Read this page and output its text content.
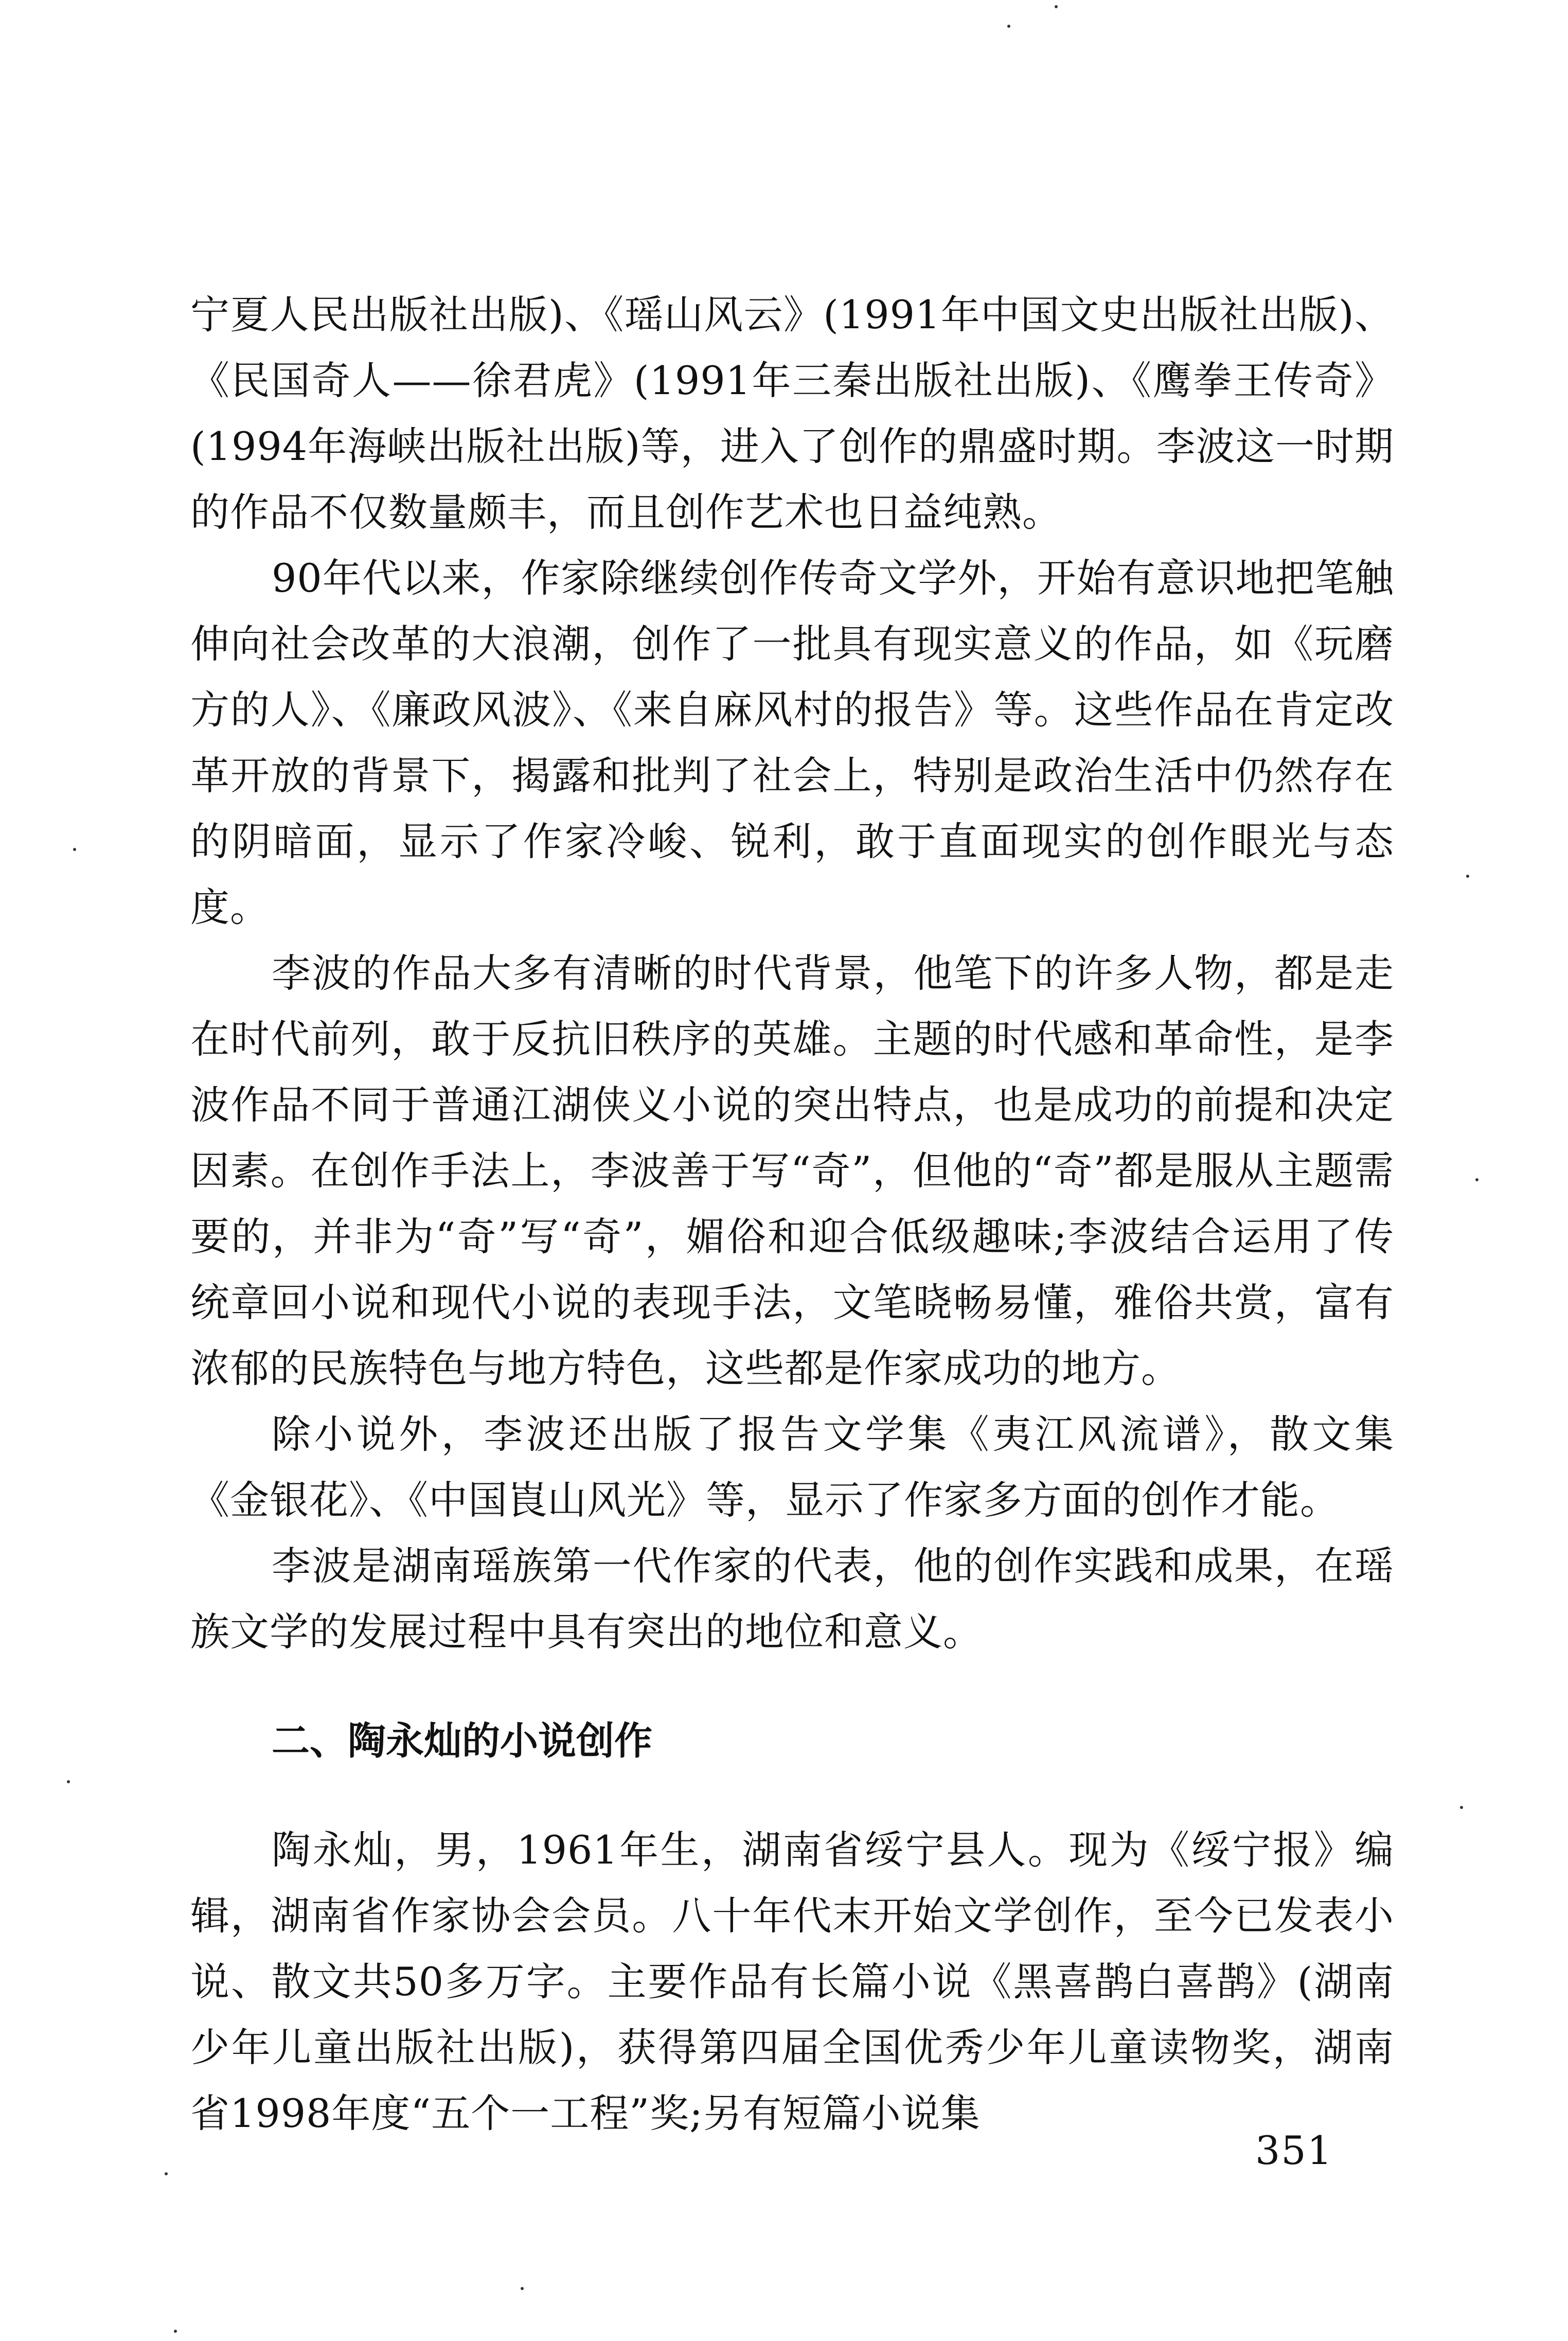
宁夏人民出版社出版)、《瑶山风云》(1991年中国文史出版社出版)、《民国奇人——徐君虎》(1991年三秦出版社出版)、《鹰拳王传奇》(1994年海峡出版社出版)等，进入了创作的鼎盛时期。李波这一时期的作品不仅数量颇丰，而且创作艺术也日益纯熟。

90年代以来，作家除继续创作传奇文学外，开始有意识地把笔触伸向社会改革的大浪潮，创作了一批具有现实意义的作品，如《玩磨方的人》、《廉政风波》、《来自麻风村的报告》等。这些作品在肯定改革开放的背景下，揭露和批判了社会上，特别是政治生活中仍然存在的阴暗面，显示了作家冷峻、锐利，敢于直面现实的创作眼光与态度。

李波的作品大多有清晰的时代背景，他笔下的许多人物，都是走在时代前列，敢于反抗旧秩序的英雄。主题的时代感和革命性，是李波作品不同于普通江湖侠义小说的突出特点，也是成功的前提和决定因素。在创作手法上，李波善于写“奇”，但他的“奇”都是服从主题需要的，并非为“奇”写“奇”，媚俗和迎合低级趣味;李波结合运用了传统章回小说和现代小说的表现手法，文笔晓畅易懂，雅俗共赏，富有浓郁的民族特色与地方特色，这些都是作家成功的地方。

除小说外，李波还出版了报告文学集《夷江风流谱》，散文集《金银花》、《中国崀山风光》等，显示了作家多方面的创作才能。

李波是湖南瑶族第一代作家的代表，他的创作实践和成果，在瑶族文学的发展过程中具有突出的地位和意义。

二、陶永灿的小说创作

陶永灿，男，1961年生，湖南省绥宁县人。现为《绥宁报》编辑，湖南省作家协会会员。八十年代末开始文学创作，至今已发表小说、散文共50多万字。主要作品有长篇小说《黑喜鹊白喜鹊》(湖南少年儿童出版社出版)，获得第四届全国优秀少年儿童读物奖，湖南省1998年度“五个一工程”奖;另有短篇小说集

351
